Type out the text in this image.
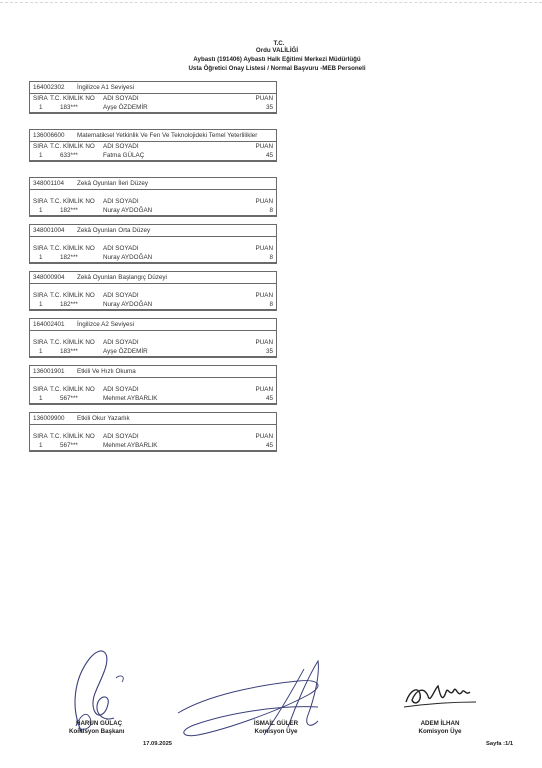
T.C.
Ordu VALİLİĞİ
Aybastı (191406) Aybastı Halk Eğitimi Merkezi Müdürlüğü
Usta Öğretici Onay Listesi / Normal Başvuru -MEB Personeli
164002302 İngilizce A1 Seviyesi
SIRA T.C. KİMLİK NO ADI SOYADI	PUAN
1	183***	Ayşe ÖZDEMİR	35
136006600 Matematiksel Yetkinlik Ve Fen Ve Teknolojideki Temel Yeterlilikler
SIRA T.C. KİMLİK NO ADI SOYADI	PUAN
1	633***	Fatma GÜLAÇ	45
348001104 Zekâ Oyunları İleri Düzey
SIRA T.C. KİMLİK NO ADI SOYADI	PUAN
1	182***	Nuray AYDOĞAN	8
348001004 Zekâ Oyunları Orta Düzey
SIRA T.C. KİMLİK NO ADI SOYADI	PUAN
1	182***	Nuray AYDOĞAN	8
348000904 Zekâ Oyunları Başlangıç Düzeyi
SIRA T.C. KİMLİK NO ADI SOYADI	PUAN
1	182***	Nuray AYDOĞAN	8
164002401 İngilizce A2 Seviyesi
SIRA T.C. KİMLİK NO ADI SOYADI	PUAN
1	183***	Ayşe ÖZDEMİR	35
136001901 Etkili Ve Hızlı Okuma
SIRA T.C. KİMLİK NO ADI SOYADI	PUAN
1	567***	Mehmet AYBARLIK	45
136009900 Etkili Okur Yazarlık
SIRA T.C. KİMLİK NO ADI SOYADI	PUAN
1	567***	Mehmet AYBARLIK	45
HARUN GÜLAÇ
Komisyon Başkanı
İSMAİL GÜLER
Komisyon Üye
ADEM İLHAN
Komisyon Üye
17.09.2025	Sayfa :1/1
